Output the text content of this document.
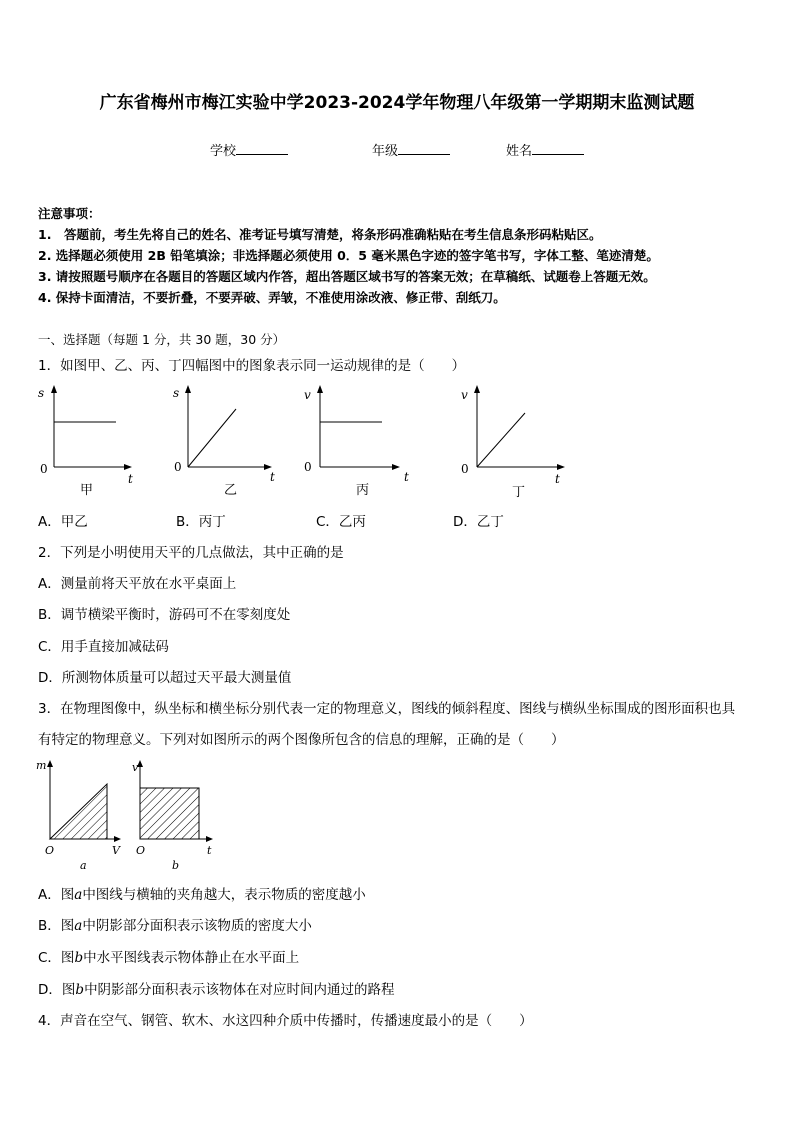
广东省梅州市梅江实验中学2023-2024学年物理八年级第一学期期末监测试题
学校	年级	姓名
注意事项：
1.　答题前，考生先将自己的姓名、准考证号填写清楚，将条形码准确粘贴在考生信息条形码粘贴区。
2. 选择题必须使用 2B 铅笔填涂；非选择题必须使用 0．5 毫米黑色字迹的签字笔书写，字体工整、笔迹清楚。
3. 请按照题号顺序在各题目的答题区域内作答，超出答题区域书写的答案无效；在草稿纸、试题卷上答题无效。
4. 保持卡面清洁，不要折叠，不要弄破、弄皱，不准使用涂改液、修正带、刮纸刀。
一、选择题（每题 1 分，共 30 题，30 分）
1．如图甲、乙、丙、丁四幅图中的图象表示同一运动规律的是（　　）
s
0
t
甲
s
0
t
乙
v
0
t
丙
v
0
t
丁
A．甲乙	B．丙丁	C．乙丙	D．乙丁
2．下列是小明使用天平的几点做法，其中正确的是
A．测量前将天平放在水平桌面上
B．调节横梁平衡时，游码可不在零刻度处
C．用手直接加减砝码
D．所测物体质量可以超过天平最大测量值
3．在物理图像中，纵坐标和横坐标分别代表一定的物理意义，图线的倾斜程度、图线与横纵坐标围成的图形面积也具
有特定的物理意义。下列对如图所示的两个图像所包含的信息的理解，正确的是（　　）
m
O	V
a
v
O	t
b
A．图a中图线与横轴的夹角越大，表示物质的密度越小
B．图a中阴影部分面积表示该物质的密度大小
C．图b中水平图线表示物体静止在水平面上
D．图b中阴影部分面积表示该物体在对应时间内通过的路程
4．声音在空气、钢管、软木、水这四种介质中传播时，传播速度最小的是（　　）
